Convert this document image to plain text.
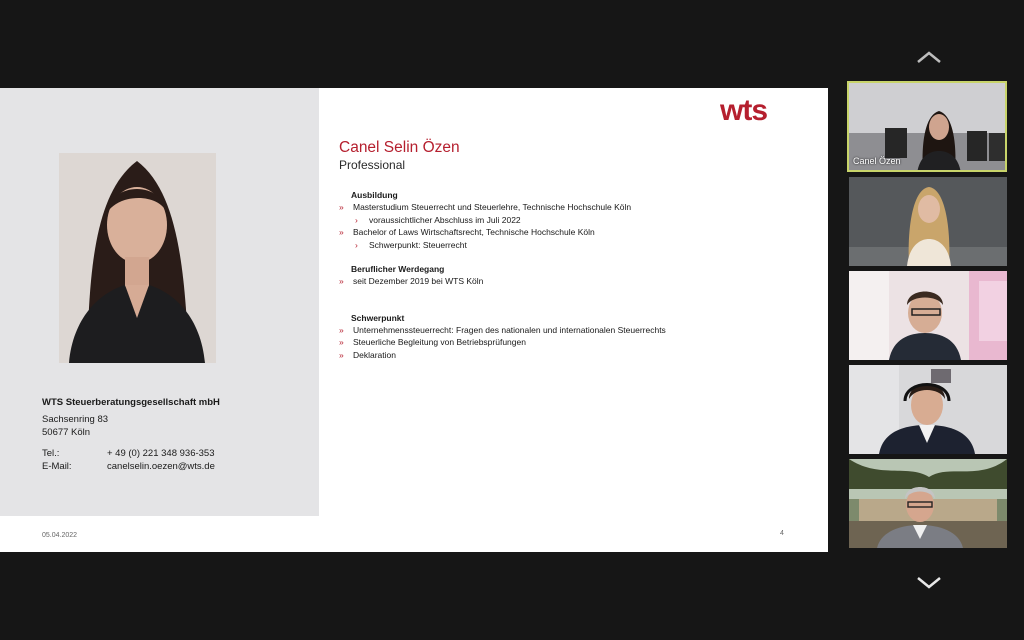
WTS Steuerberatungsgesellschaft mbH
Sachsenring 83
50677 Köln
Tel.:	+ 49 (0) 221 348 936-353
E-Mail:	canelselin.oezen@wts.de
wts
Canel Selin Özen
Professional
Ausbildung
»	Masterstudium Steuerrecht und Steuerlehre, Technische Hochschule Köln
›	voraussichtlicher Abschluss im Juli 2022
»	Bachelor of Laws Wirtschaftsrecht, Technische Hochschule Köln
›	Schwerpunkt: Steuerrecht
Beruflicher Werdegang
»	seit Dezember 2019 bei WTS Köln
Schwerpunkt
»	Unternehmenssteuerrecht: Fragen des nationalen und internationalen Steuerrechts
»	Steuerliche Begleitung von Betriebsprüfungen
»	Deklaration
05.04.2022	4
Canel Özen
